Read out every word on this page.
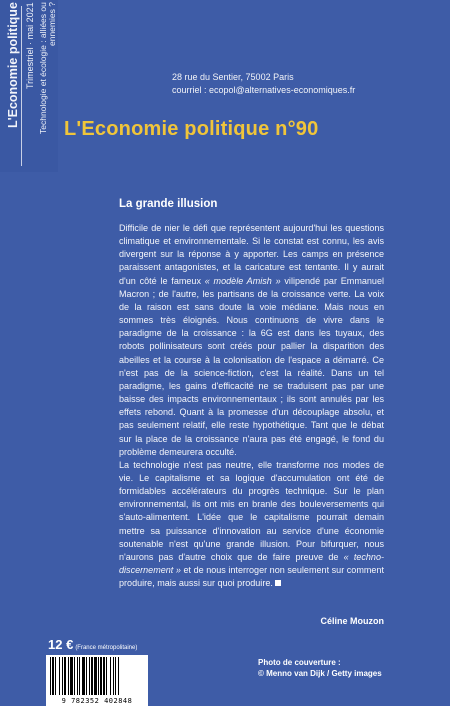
L'Economie politique Trimestriel · mai 2021 Technologie et écologie : alliées ou ennemies ?
28 rue du Sentier, 75002 Paris
courriel : ecopol@alternatives-economiques.fr
L'Economie politique n°90
La grande illusion

Difficile de nier le défi que représentent aujourd'hui les questions climatique et environnementale. Si le constat est connu, les avis divergent sur la réponse à y apporter. Les camps en présence paraissent antagonistes, et la caricature est tentante. Il y aurait d'un côté le fameux « modèle Amish » vilipendé par Emmanuel Macron ; de l'autre, les partisans de la croissance verte. La voix de la raison est sans doute la voie médiane. Mais nous en sommes très éloignés. Nous continuons de vivre dans le paradigme de la croissance : la 6G est dans les tuyaux, des robots pollinisateurs sont créés pour pallier la disparition des abeilles et la course à la colonisation de l'espace a démarré. Ce n'est pas de la science-fiction, c'est la réalité. Dans un tel paradigme, les gains d'efficacité ne se traduisent pas par une baisse des impacts environnementaux ; ils sont annulés par les effets rebond. Quant à la promesse d'un découplage absolu, et pas seulement relatif, elle reste hypothétique. Tant que le débat sur la place de la croissance n'aura pas été engagé, le fond du problème demeurera occulté.

La technologie n'est pas neutre, elle transforme nos modes de vie. Le capitalisme et sa logique d'accumulation ont été de formidables accélérateurs du progrès technique. Sur le plan environnemental, ils ont mis en branle des bouleversements qui s'auto-alimentent. L'idée que le capitalisme pourrait demain mettre sa puissance d'innovation au service d'une économie soutenable n'est qu'une grande illusion. Pour bifurquer, nous n'aurons pas d'autre choix que de faire preuve de « techno-discernement » et de nous interroger non seulement sur comment produire, mais aussi sur quoi produire.

Céline Mouzon
12 € (France métropolitaine)
9 782352 402848
Photo de couverture :
© Menno van Dijk / Getty images
